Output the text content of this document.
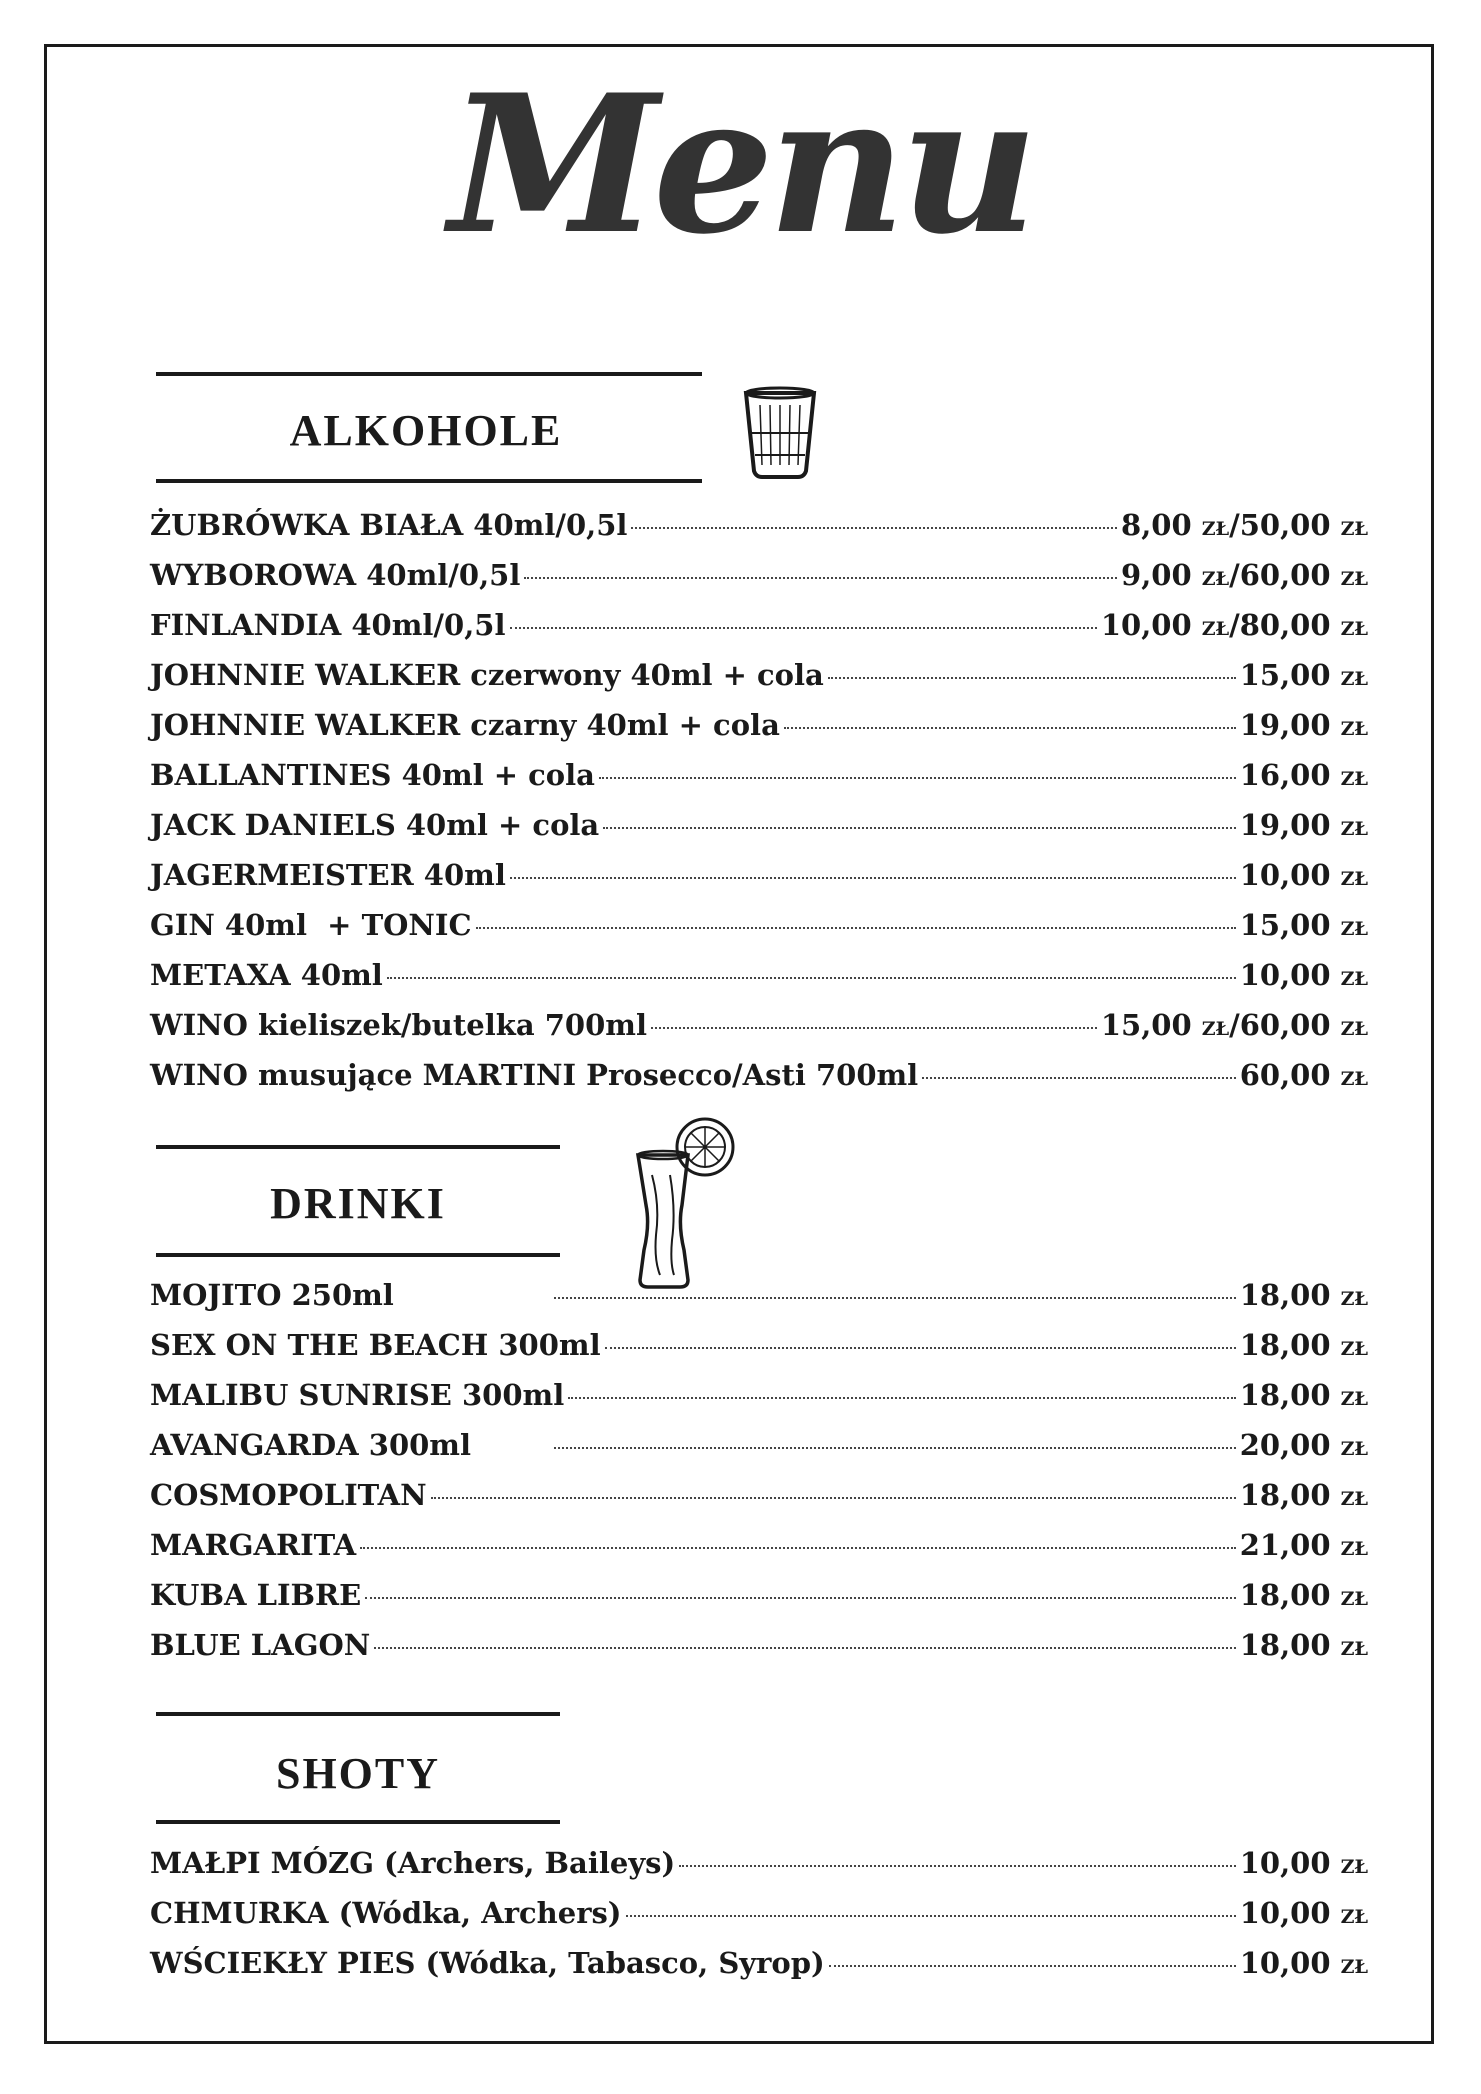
Menu
ALKOHOLE
ŻUBRÓWKA BIAŁA 40ml/0,5l	8,00 ZŁ/50,00 ZŁ
WYBOROWA 40ml/0,5l	9,00 ZŁ/60,00 ZŁ
FINLANDIA 40ml/0,5l	10,00 ZŁ/80,00 ZŁ
JOHNNIE WALKER czerwony 40ml + cola	15,00 ZŁ
JOHNNIE WALKER czarny 40ml + cola	19,00 ZŁ
BALLANTINES 40ml + cola	16,00 ZŁ
JACK DANIELS 40ml + cola	19,00 ZŁ
JAGERMEISTER 40ml	10,00 ZŁ
GIN 40ml  + TONIC	15,00 ZŁ
METAXA 40ml	10,00 ZŁ
WINO kieliszek/butelka 700ml	15,00 ZŁ/60,00 ZŁ
WINO musujące MARTINI Prosecco/Asti 700ml	60,00 ZŁ
DRINKI
MOJITO 250ml	18,00 ZŁ
SEX ON THE BEACH 300ml	18,00 ZŁ
MALIBU SUNRISE 300ml	18,00 ZŁ
AVANGARDA 300ml	20,00 ZŁ
COSMOPOLITAN	18,00 ZŁ
MARGARITA	21,00 ZŁ
KUBA LIBRE	18,00 ZŁ
BLUE LAGON	18,00 ZŁ
SHOTY
MAŁPI MÓZG (Archers, Baileys)	10,00 ZŁ
CHMURKA (Wódka, Archers)	10,00 ZŁ
WŚCIEKŁY PIES (Wódka, Tabasco, Syrop)	10,00 ZŁ
